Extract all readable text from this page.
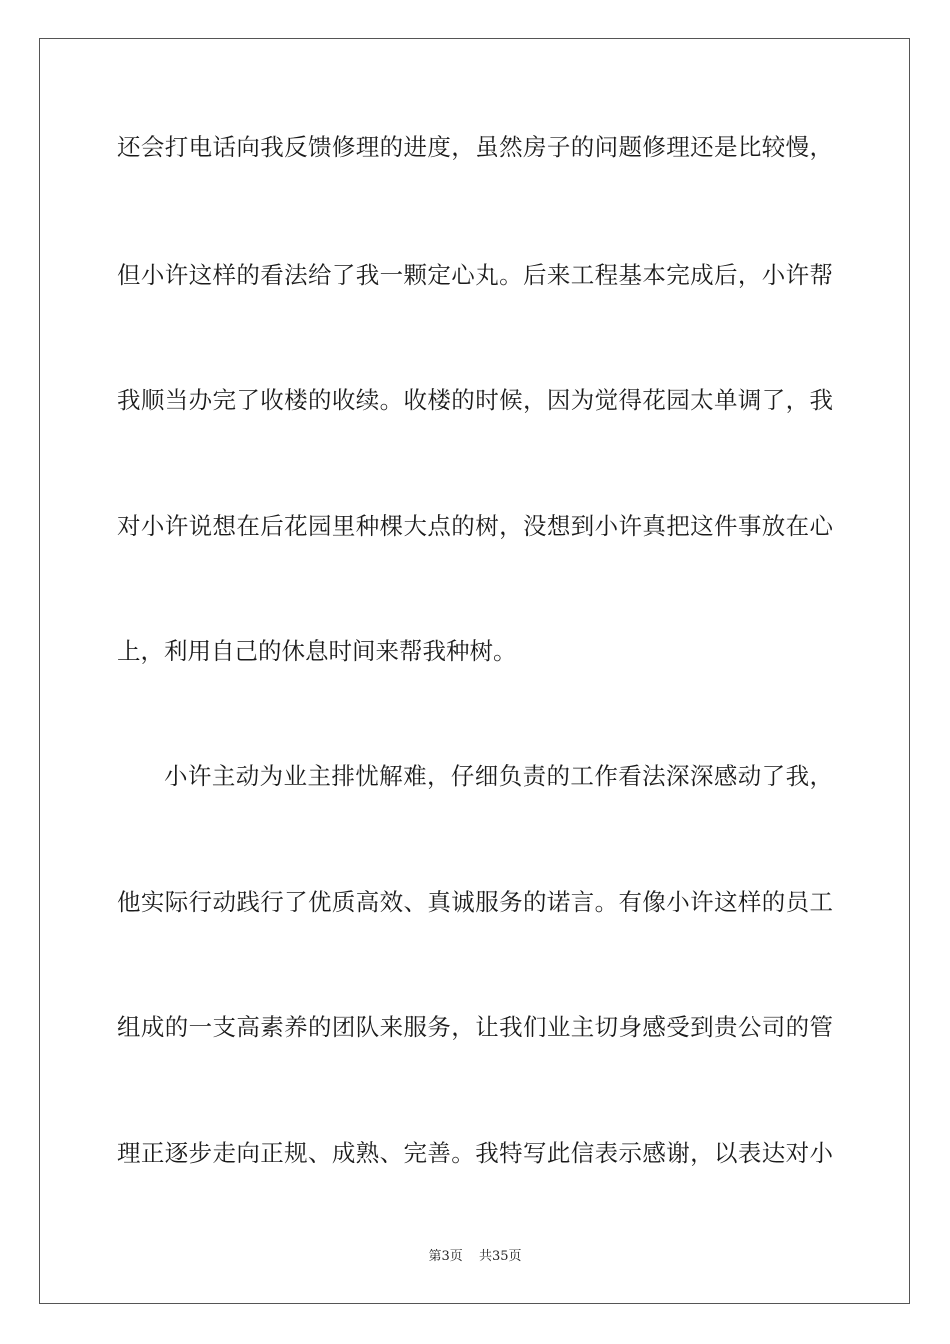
还会打电话向我反馈修理的进度，虽然房子的问题修理还是比较慢，
但小许这样的看法给了我一颗定心丸。后来工程基本完成后，小许帮
我顺当办完了收楼的收续。收楼的时候，因为觉得花园太单调了，我
对小许说想在后花园里种棵大点的树，没想到小许真把这件事放在心
上，利用自己的休息时间来帮我种树。
小许主动为业主排忧解难，仔细负责的工作看法深深感动了我，
他实际行动践行了优质高效、真诚服务的诺言。有像小许这样的员工
组成的一支高素养的团队来服务，让我们业主切身感受到贵公司的管
理正逐步走向正规、成熟、完善。我特写此信表示感谢，以表达对小
第3页 共35页
